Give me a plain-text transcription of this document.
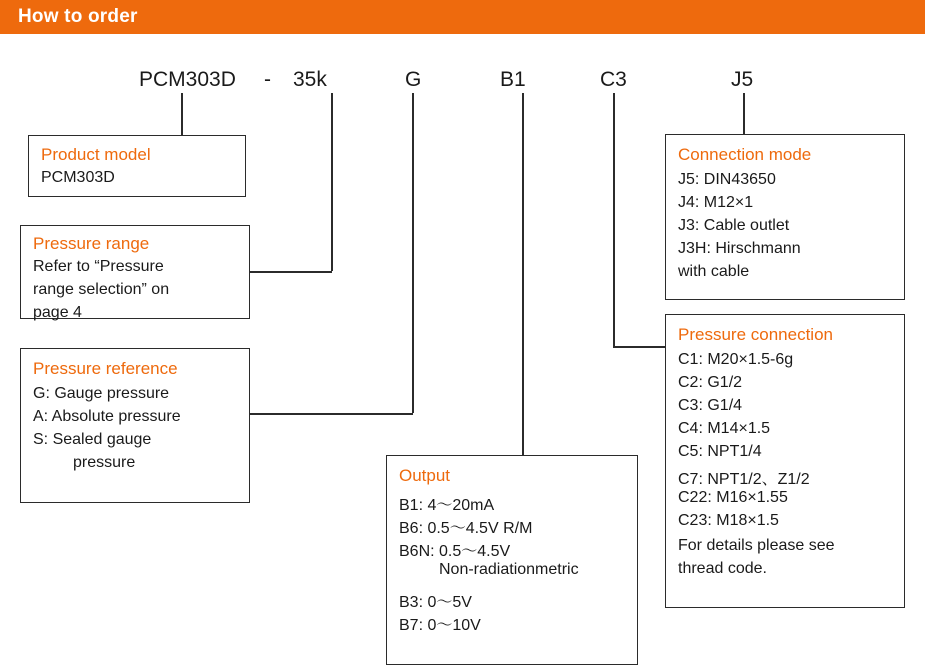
How to order
PCM303D - 35k	G	B1	C3	J5
Product model
PCM303D
Pressure range
Refer to “Pressure
range selection” on
page 4
Pressure reference
G: Gauge pressure
A: Absolute pressure
S: Sealed gauge
pressure
Output
B1: 4～20mA
B6: 0.5～4.5V R/M
B6N: 0.5～4.5V
Non-radiationmetric
B3: 0～5V
B7: 0～10V
Connection mode
J5: DIN43650
J4: M12×1
J3: Cable outlet
J3H: Hirschmann
with cable
Pressure connection
C1: M20×1.5-6g
C2: G1/2
C3: G1/4
C4: M14×1.5
C5: NPT1/4
C7: NPT1/2、Z1/2
C22: M16×1.55
C23: M18×1.5
For details please see
thread code.
